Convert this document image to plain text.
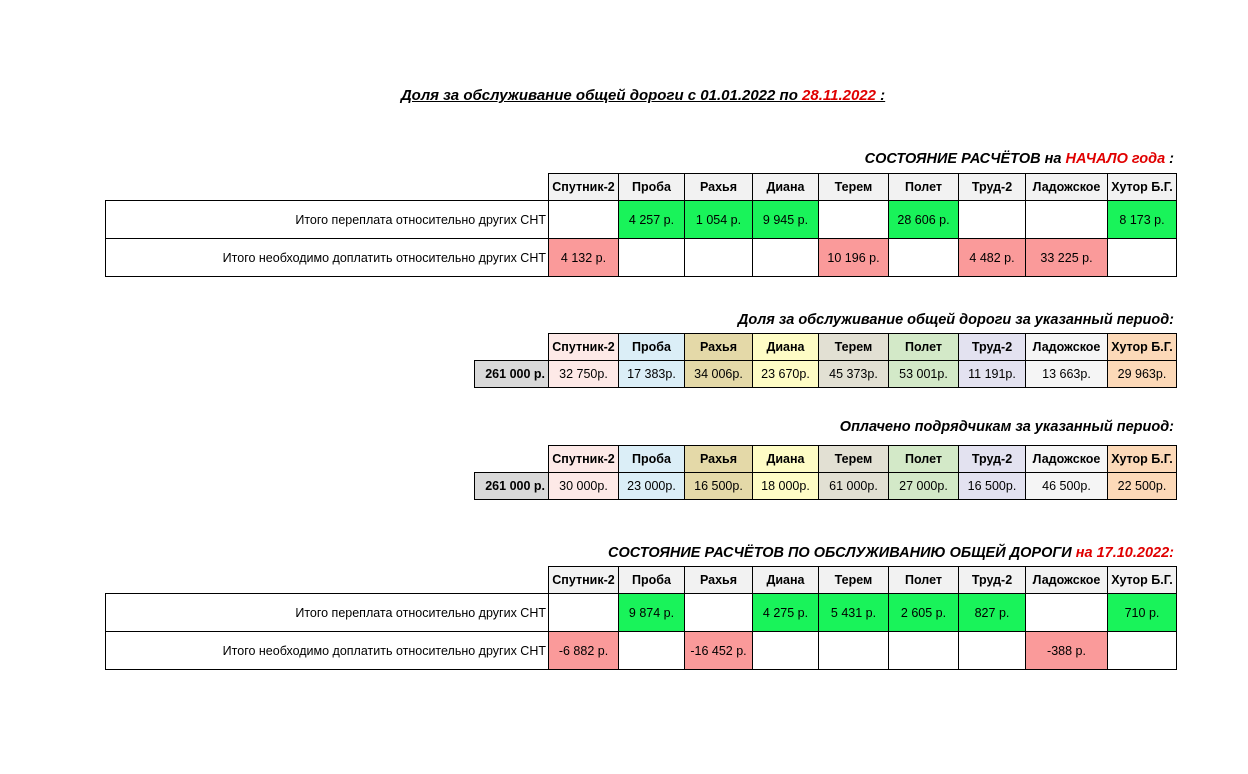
Доля за обслуживание общей дороги с 01.01.2022 по 28.11.2022 :
СОСТОЯНИЕ РАСЧЁТОВ на НАЧАЛО года :
	Спутник-2	Проба	Рахья	Диана	Терем	Полет	Труд-2	Ладожское	Хутор Б.Г.
Итого переплата относительно других СНТ		4 257 р.	1 054 р.	9 945 р.		28 606 р.			8 173 р.
Итого необходимо доплатить относительно других СНТ	4 132 р.				10 196 р.		4 482 р.	33 225 р.	
Доля за обслуживание общей дороги за указанный период:
	Спутник-2	Проба	Рахья	Диана	Терем	Полет	Труд-2	Ладожское	Хутор Б.Г.
261 000 р.	32 750р.	17 383р.	34 006р.	23 670р.	45 373р.	53 001р.	11 191р.	13 663р.	29 963р.
Оплачено подрядчикам за указанный период:
	Спутник-2	Проба	Рахья	Диана	Терем	Полет	Труд-2	Ладожское	Хутор Б.Г.
261 000 р.	30 000р.	23 000р.	16 500р.	18 000р.	61 000р.	27 000р.	16 500р.	46 500р.	22 500р.
СОСТОЯНИЕ РАСЧЁТОВ ПО ОБСЛУЖИВАНИЮ ОБЩЕЙ ДОРОГИ на 17.10.2022:
	Спутник-2	Проба	Рахья	Диана	Терем	Полет	Труд-2	Ладожское	Хутор Б.Г.
Итого переплата относительно других СНТ		9 874 р.		4 275 р.	5 431 р.	2 605 р.	827 р.		710 р.
Итого необходимо доплатить относительно других СНТ	-6 882 р.		-16 452 р.					-388 р.	
